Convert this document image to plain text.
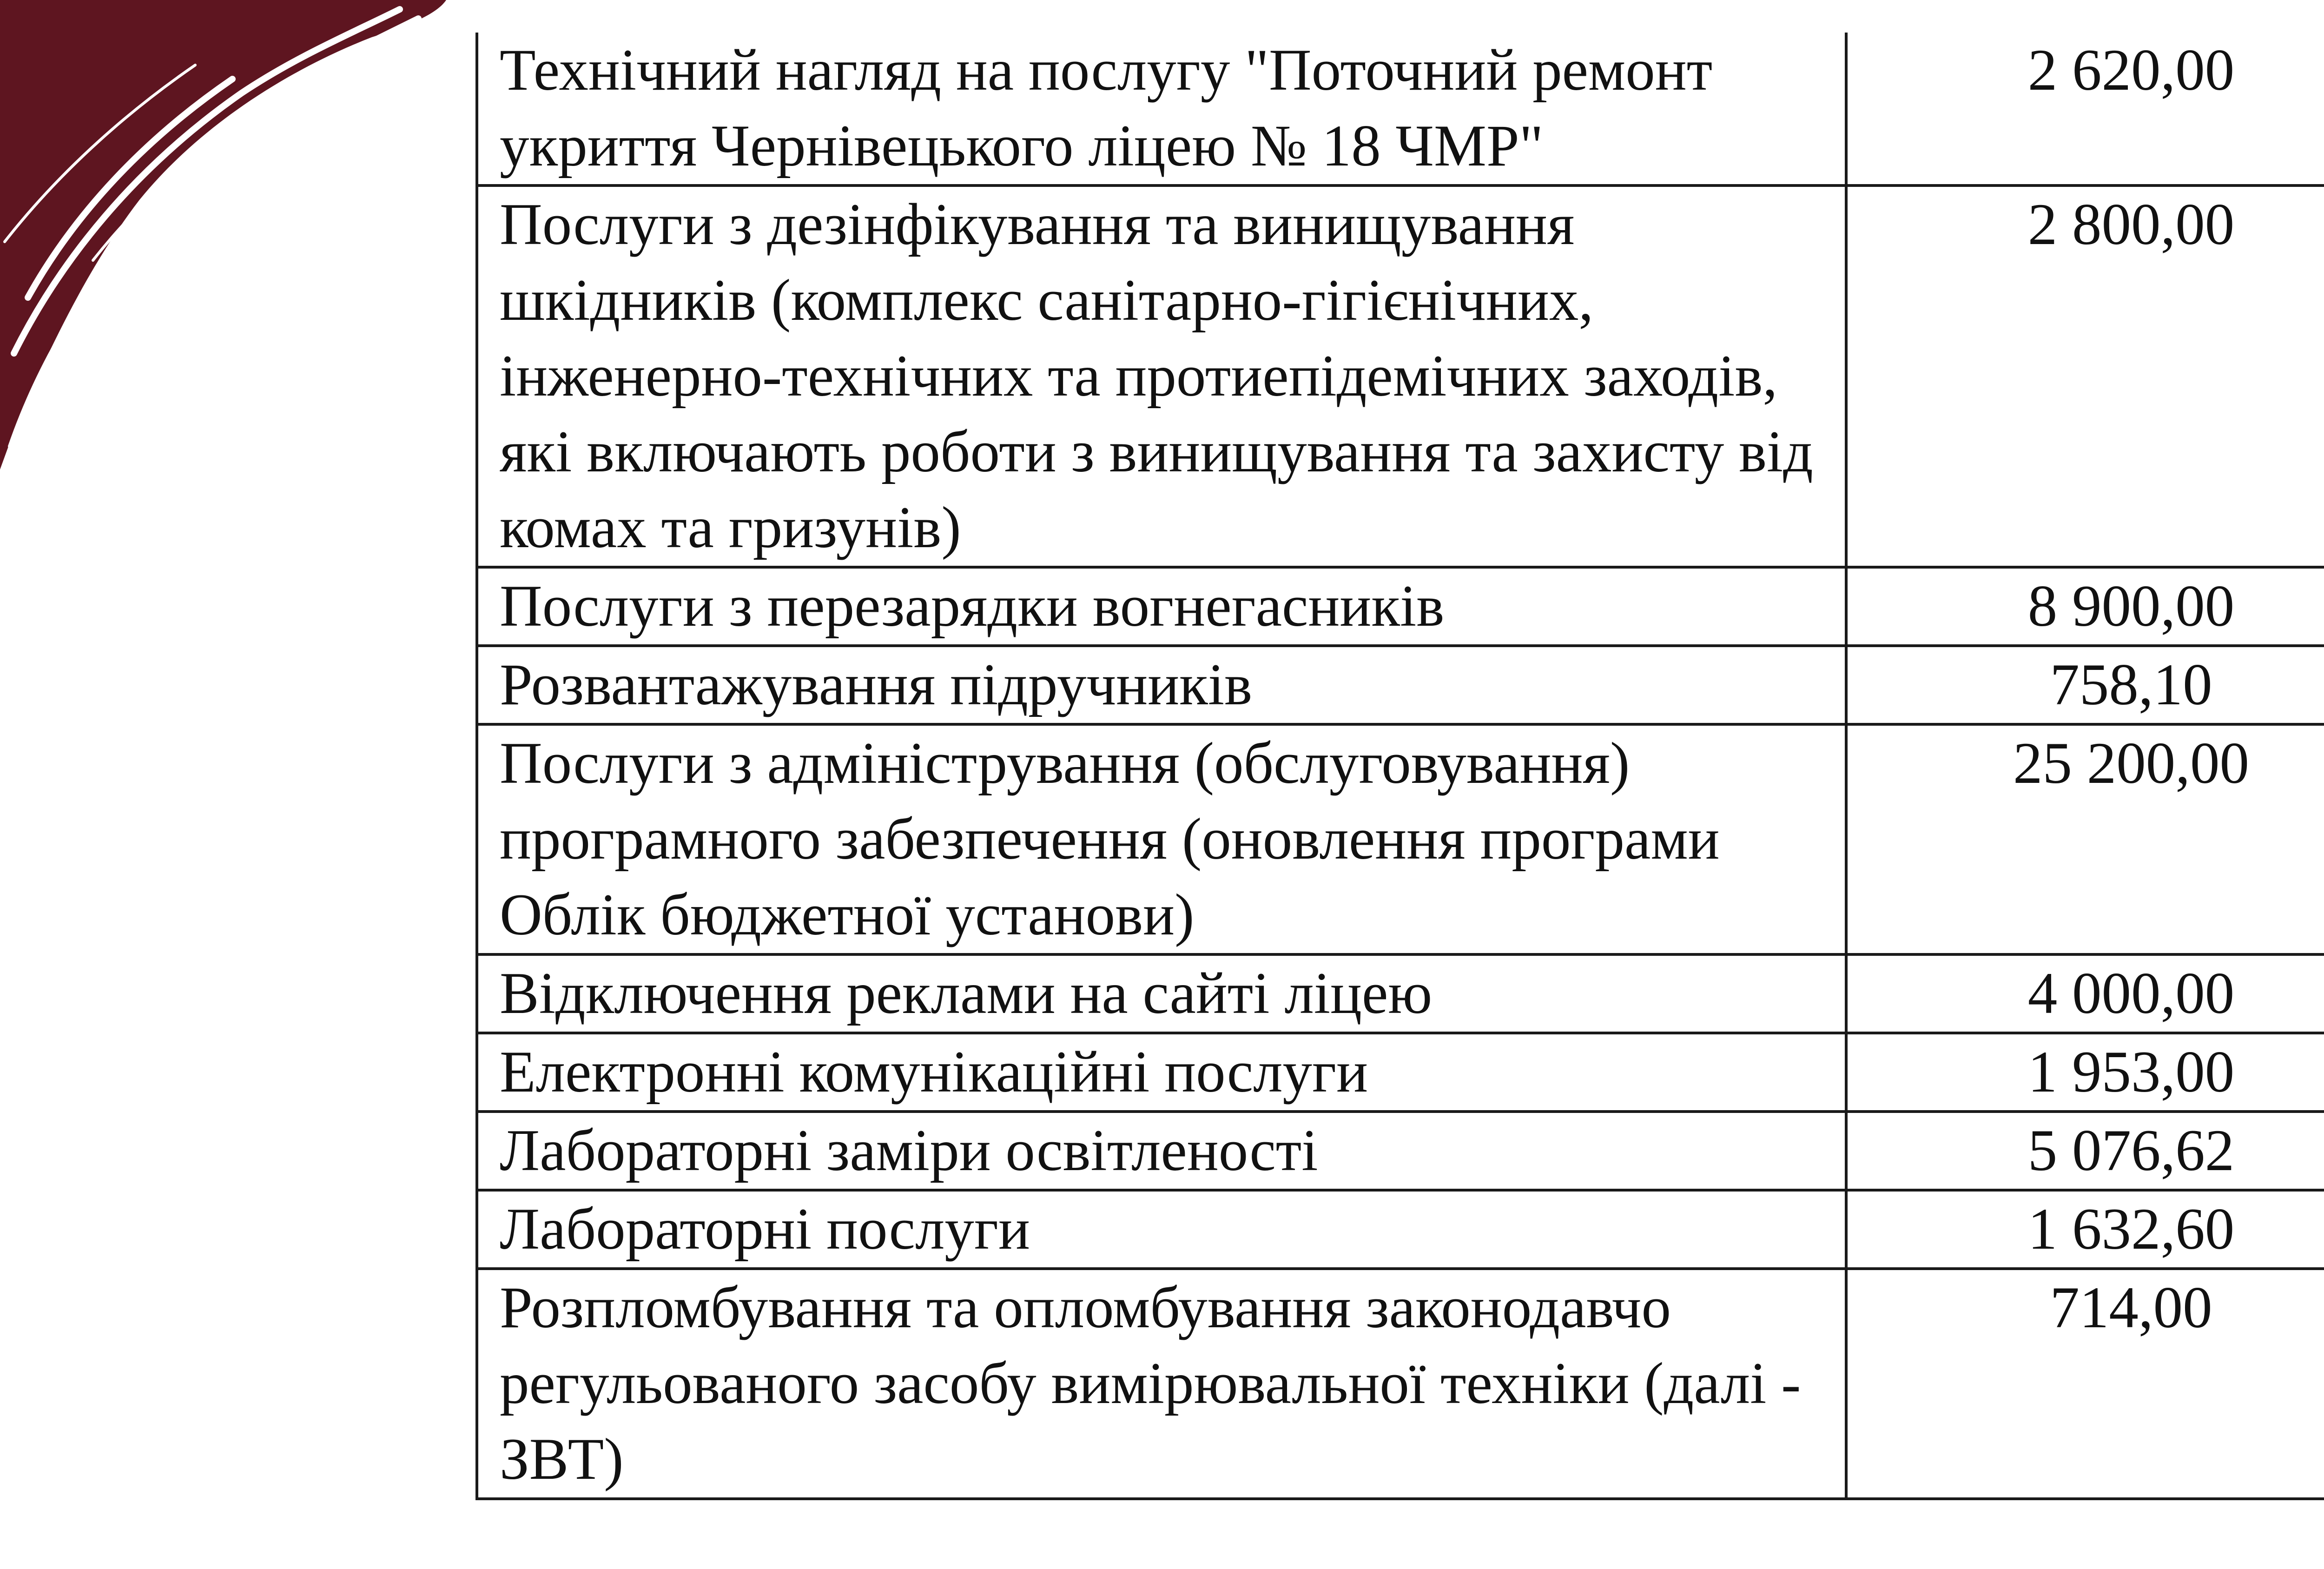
Технічний нагляд на послугу "Поточний ремонт укриття Чернівецького ліцею № 18 ЧМР"	2 620,00
Послуги з дезінфікування та винищування шкідників (комплекс санітарно-гігієнічних, інженерно-технічних та протиепідемічних заходів, які включають роботи з винищування та захисту від комах та гризунів)	2 800,00
Послуги з перезарядки вогнегасників	8 900,00
Розвантажування підручників	758,10
Послуги з адміністрування (обслуговування) програмного забезпечення (оновлення програми Облік бюджетної установи)	25 200,00
Відключення реклами на сайті ліцею	4 000,00
Електронні комунікаційні послуги	1 953,00
Лабораторні заміри освітленості	5 076,62
Лабораторні послуги	1 632,60
Розпломбування та опломбування законодавчо регульованого засобу вимірювальної техніки (далі - ЗВТ)	714,00
